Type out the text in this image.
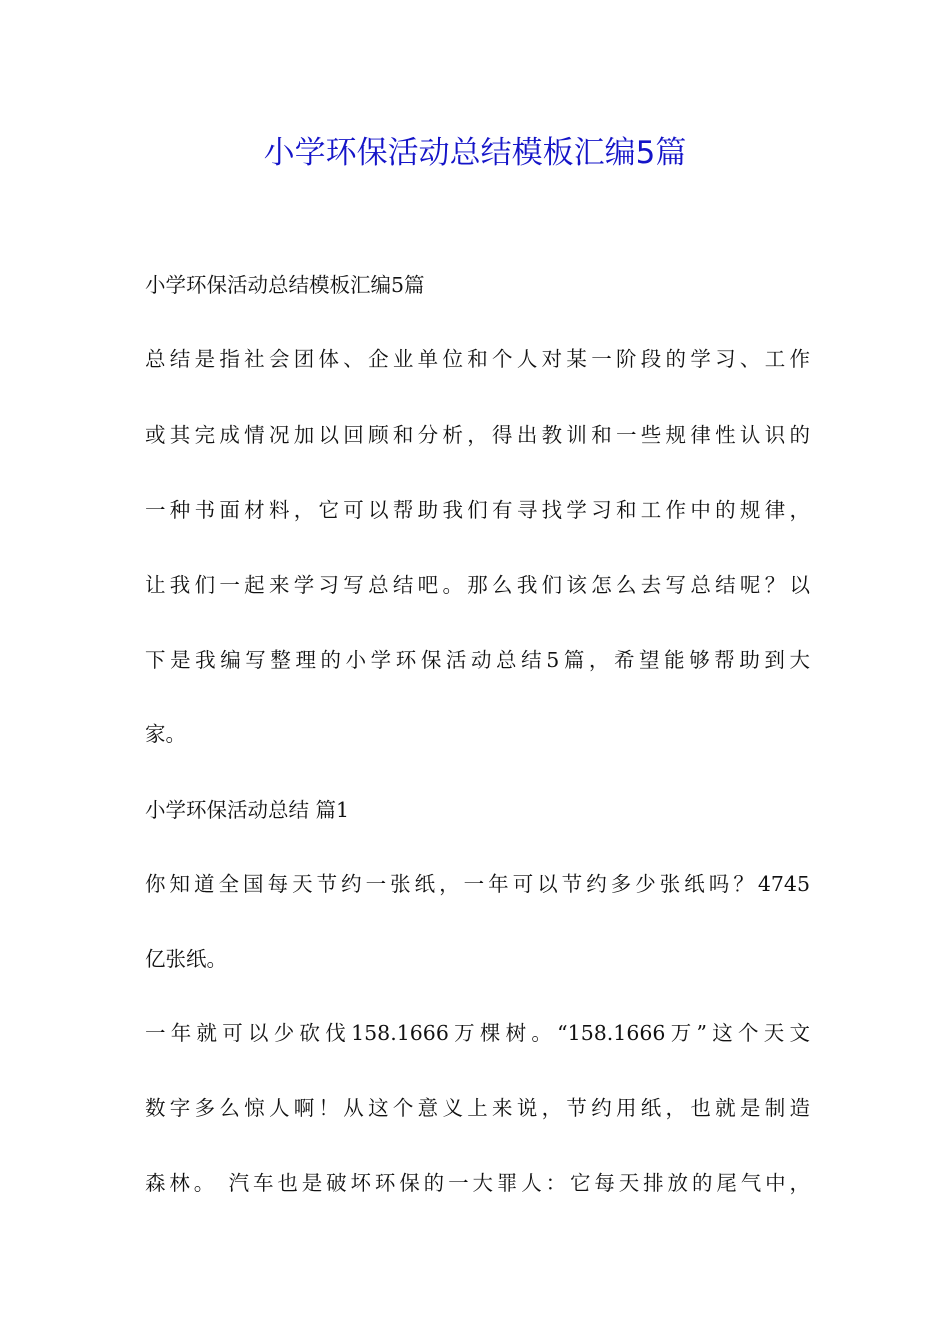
小学环保活动总结模板汇编5篇
小学环保活动总结模板汇编5篇
总结是指社会团体、企业单位和个人对某一阶段的学习、工作
或其完成情况加以回顾和分析，得出教训和一些规律性认识的
一种书面材料，它可以帮助我们有寻找学习和工作中的规律，
让我们一起来学习写总结吧。那么我们该怎么去写总结呢？以
下是我编写整理的小学环保活动总结5篇，希望能够帮助到大
家。
小学环保活动总结 篇1
你知道全国每天节约一张纸，一年可以节约多少张纸吗？4745
亿张纸。
一年就可以少砍伐158.1666万棵树。“158.1666万”这个天文
数字多么惊人啊！从这个意义上来说，节约用纸，也就是制造
森林。 汽车也是破坏环保的一大罪人：它每天排放的尾气中，
